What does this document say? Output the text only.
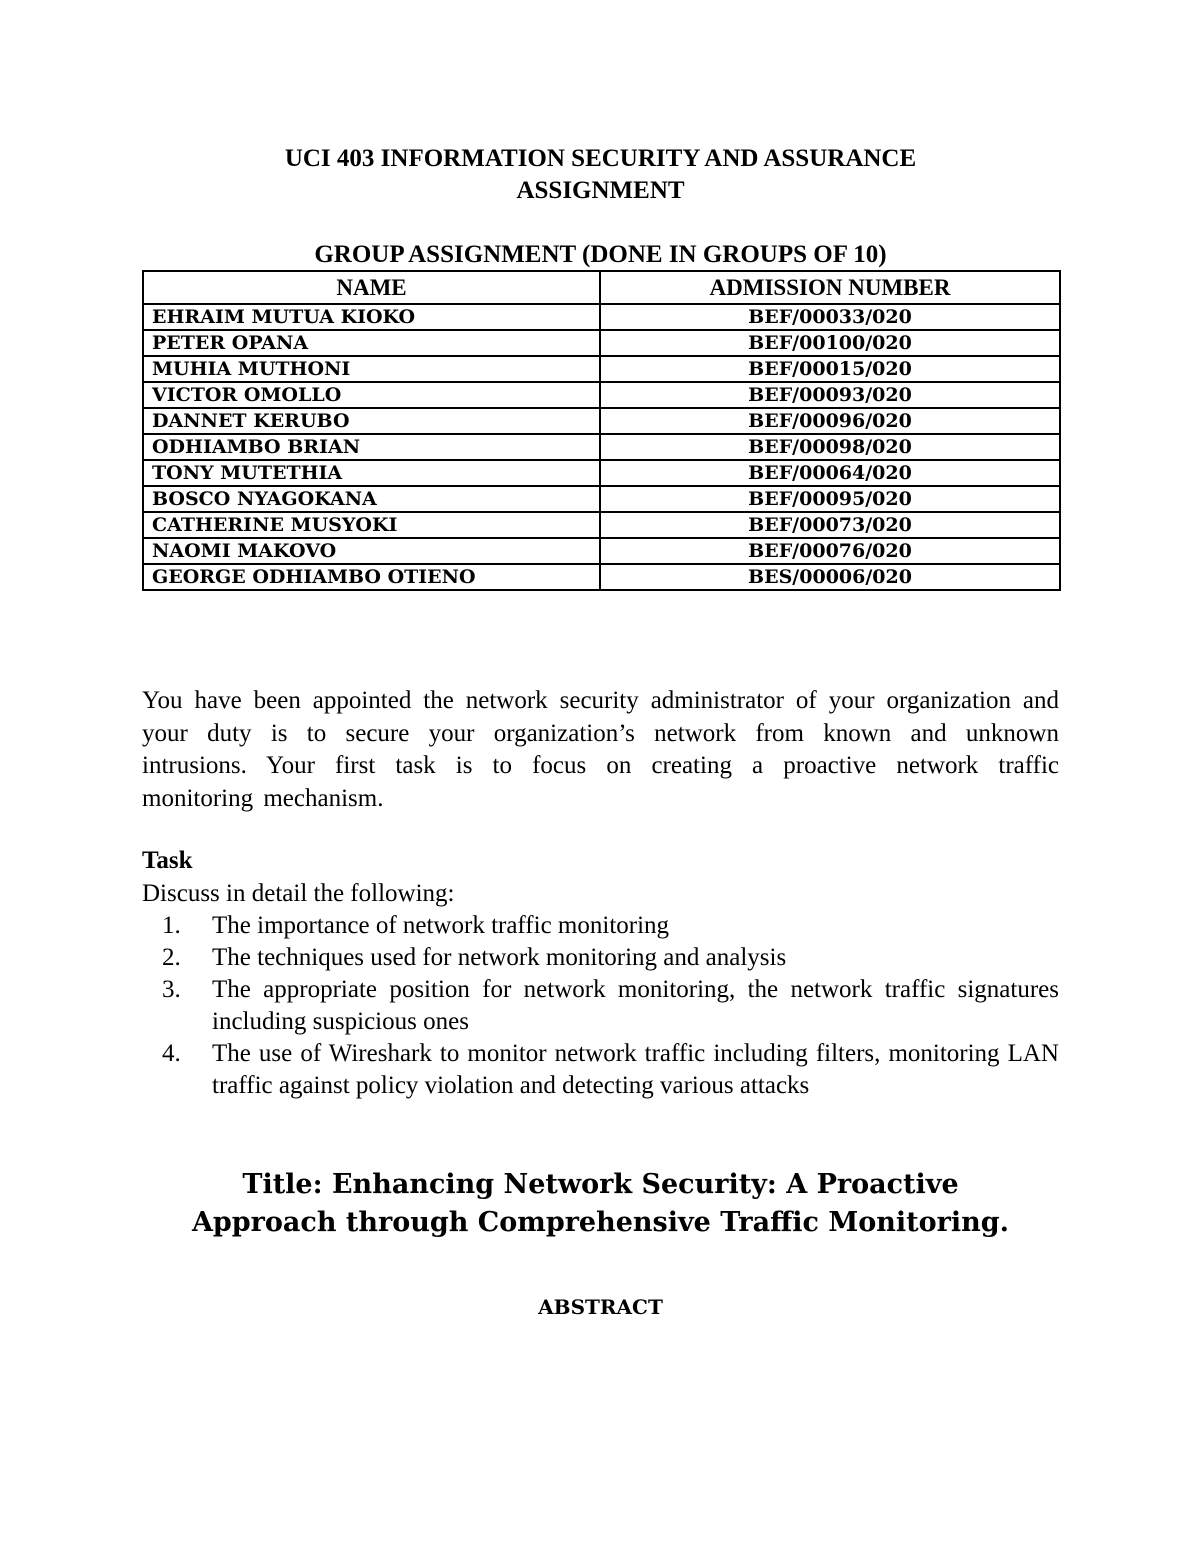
UCI 403 INFORMATION SECURITY AND ASSURANCE
ASSIGNMENT
GROUP ASSIGNMENT (DONE IN GROUPS OF 10)
NAME	ADMISSION NUMBER
EHRAIM MUTUA KIOKO	BEF/00033/020
PETER OPANA	BEF/00100/020
MUHIA MUTHONI	BEF/00015/020
VICTOR OMOLLO	BEF/00093/020
DANNET KERUBO	BEF/00096/020
ODHIAMBO BRIAN	BEF/00098/020
TONY MUTETHIA	BEF/00064/020
BOSCO NYAGOKANA	BEF/00095/020
CATHERINE MUSYOKI	BEF/00073/020
NAOMI MAKOVO	BEF/00076/020
GEORGE ODHIAMBO OTIENO	BES/00006/020

You have been appointed the network security administrator of your organization and your duty is to secure your organization’s network from known and unknown intrusions. Your first task is to focus on creating a proactive network traffic monitoring mechanism.

Task

Discuss in detail the following:

1. The importance of network traffic monitoring
2. The techniques used for network monitoring and analysis
3. The appropriate position for network monitoring, the network traffic signatures including suspicious ones
4. The use of Wireshark to monitor network traffic including filters, monitoring LAN traffic against policy violation and detecting various attacks
Title: Enhancing Network Security: A Proactive
Approach through Comprehensive Traffic Monitoring.
ABSTRACT
